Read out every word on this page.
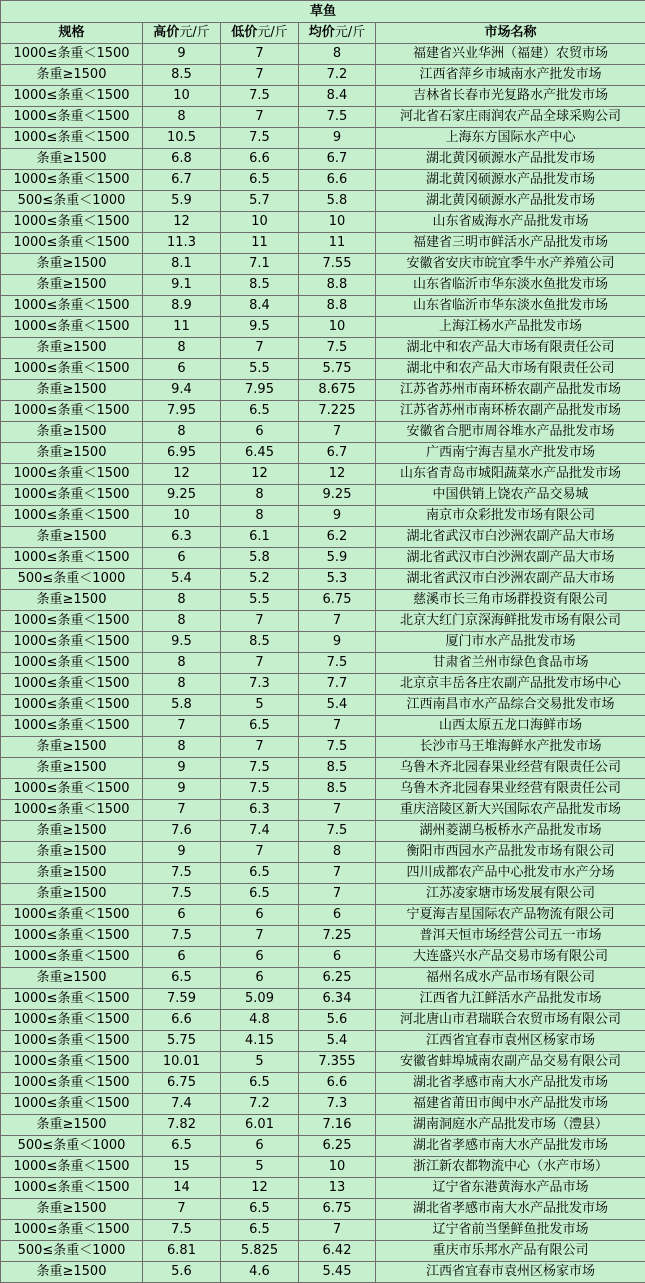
草鱼				
规格	高价元/斤	低价元/斤	均价元/斤	市场名称
1000≤条重＜1500	9	7	8	福建省兴业华洲（福建）农贸市场
条重≥1500	8.5	7	7.2	江西省萍乡市城南水产批发市场
1000≤条重＜1500	10	7.5	8.4	吉林省长春市光复路水产批发市场
1000≤条重＜1500	8	7	7.5	河北省石家庄雨润农产品全球采购公司
1000≤条重＜1500	10.5	7.5	9	上海东方国际水产中心
条重≥1500	6.8	6.6	6.7	湖北黄冈硕源水产品批发市场
1000≤条重＜1500	6.7	6.5	6.6	湖北黄冈硕源水产品批发市场
500≤条重＜1000	5.9	5.7	5.8	湖北黄冈硕源水产品批发市场
1000≤条重＜1500	12	10	10	山东省威海水产品批发市场
1000≤条重＜1500	11.3	11	11	福建省三明市鲜活水产品批发市场
条重≥1500	8.1	7.1	7.55	安徽省安庆市皖宜季牛水产养殖公司
条重≥1500	9.1	8.5	8.8	山东省临沂市华东淡水鱼批发市场
1000≤条重＜1500	8.9	8.4	8.8	山东省临沂市华东淡水鱼批发市场
1000≤条重＜1500	11	9.5	10	上海江杨水产品批发市场
条重≥1500	8	7	7.5	湖北中和农产品大市场有限责任公司
1000≤条重＜1500	6	5.5	5.75	湖北中和农产品大市场有限责任公司
条重≥1500	9.4	7.95	8.675	江苏省苏州市南环桥农副产品批发市场
1000≤条重＜1500	7.95	6.5	7.225	江苏省苏州市南环桥农副产品批发市场
条重≥1500	8	6	7	安徽省合肥市周谷堆水产品批发市场
条重≥1500	6.95	6.45	6.7	广西南宁海吉星水产批发市场
1000≤条重＜1500	12	12	12	山东省青岛市城阳蔬菜水产品批发市场
1000≤条重＜1500	9.25	8	9.25	中国供销上饶农产品交易城
1000≤条重＜1500	10	8	9	南京市众彩批发市场有限公司
条重≥1500	6.3	6.1	6.2	湖北省武汉市白沙洲农副产品大市场
1000≤条重＜1500	6	5.8	5.9	湖北省武汉市白沙洲农副产品大市场
500≤条重＜1000	5.4	5.2	5.3	湖北省武汉市白沙洲农副产品大市场
条重≥1500	8	5.5	6.75	慈溪市长三角市场群投资有限公司
1000≤条重＜1500	8	7	7	北京大红门京深海鲜批发市场有限公司
1000≤条重＜1500	9.5	8.5	9	厦门市水产品批发市场
1000≤条重＜1500	8	7	7.5	甘肃省兰州市绿色食品市场
1000≤条重＜1500	8	7.3	7.7	北京京丰岳各庄农副产品批发市场中心
1000≤条重＜1500	5.8	5	5.4	江西南昌市水产品综合交易批发市场
1000≤条重＜1500	7	6.5	7	山西太原五龙口海鲜市场
条重≥1500	8	7	7.5	长沙市马王堆海鲜水产批发市场
条重≥1500	9	7.5	8.5	乌鲁木齐北园春果业经营有限责任公司
1000≤条重＜1500	9	7.5	8.5	乌鲁木齐北园春果业经营有限责任公司
1000≤条重＜1500	7	6.3	7	重庆涪陵区新大兴国际农产品批发市场
条重≥1500	7.6	7.4	7.5	湖州菱湖乌板桥水产品批发市场
条重≥1500	9	7	8	衡阳市西园水产品批发市场有限公司
条重≥1500	7.5	6.5	7	四川成都农产品中心批发市水产分场
条重≥1500	7.5	6.5	7	江苏凌家塘市场发展有限公司
1000≤条重＜1500	6	6	6	宁夏海吉星国际农产品物流有限公司
1000≤条重＜1500	7.5	7	7.25	普洱天恒市场经营公司五一市场
1000≤条重＜1500	6	6	6	大连盛兴水产品交易市场有限公司
条重≥1500	6.5	6	6.25	福州名成水产品市场有限公司
1000≤条重＜1500	7.59	5.09	6.34	江西省九江鲜活水产品批发市场
1000≤条重＜1500	6.6	4.8	5.6	河北唐山市君瑞联合农贸市场有限公司
1000≤条重＜1500	5.75	4.15	5.4	江西省宜春市袁州区杨家市场
1000≤条重＜1500	10.01	5	7.355	安徽省蚌埠城南农副产品交易有限公司
1000≤条重＜1500	6.75	6.5	6.6	湖北省孝感市南大水产品批发市场
1000≤条重＜1500	7.4	7.2	7.3	福建省莆田市闽中水产品批发市场
条重≥1500	7.82	6.01	7.16	湖南洞庭水产品批发市场（澧县）
500≤条重＜1000	6.5	6	6.25	湖北省孝感市南大水产品批发市场
1000≤条重＜1500	15	5	10	浙江新农都物流中心（水产市场）
1000≤条重＜1500	14	12	13	辽宁省东港黄海水产品市场
条重≥1500	7	6.5	6.75	湖北省孝感市南大水产品批发市场
1000≤条重＜1500	7.5	6.5	7	辽宁省前当堡鲜鱼批发市场
500≤条重＜1000	6.81	5.825	6.42	重庆市乐邦水产品有限公司
条重≥1500	5.6	4.6	5.45	江西省宜春市袁州区杨家市场
